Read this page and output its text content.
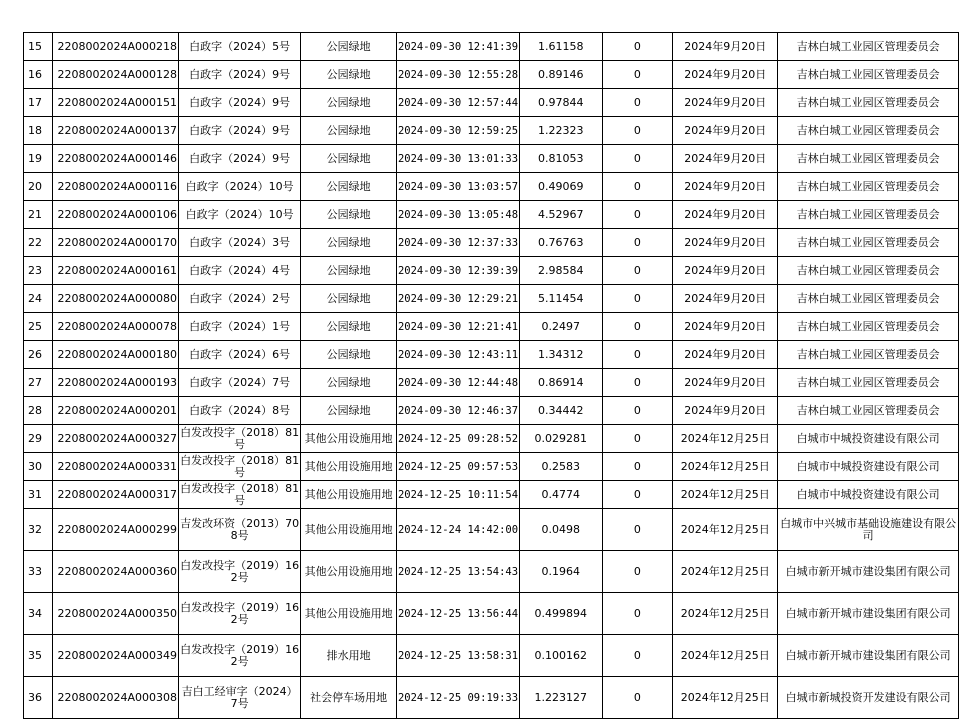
15	2208002024A000218	白政字（2024）5号	公园绿地	2024-09-30 12:41:39	1.61158	0	2024年9月20日	吉林白城工业园区管理委员会
16	2208002024A000128	白政字（2024）9号	公园绿地	2024-09-30 12:55:28	0.89146	0	2024年9月20日	吉林白城工业园区管理委员会
17	2208002024A000151	白政字（2024）9号	公园绿地	2024-09-30 12:57:44	0.97844	0	2024年9月20日	吉林白城工业园区管理委员会
18	2208002024A000137	白政字（2024）9号	公园绿地	2024-09-30 12:59:25	1.22323	0	2024年9月20日	吉林白城工业园区管理委员会
19	2208002024A000146	白政字（2024）9号	公园绿地	2024-09-30 13:01:33	0.81053	0	2024年9月20日	吉林白城工业园区管理委员会
20	2208002024A000116	白政字（2024）10号	公园绿地	2024-09-30 13:03:57	0.49069	0	2024年9月20日	吉林白城工业园区管理委员会
21	2208002024A000106	白政字（2024）10号	公园绿地	2024-09-30 13:05:48	4.52967	0	2024年9月20日	吉林白城工业园区管理委员会
22	2208002024A000170	白政字（2024）3号	公园绿地	2024-09-30 12:37:33	0.76763	0	2024年9月20日	吉林白城工业园区管理委员会
23	2208002024A000161	白政字（2024）4号	公园绿地	2024-09-30 12:39:39	2.98584	0	2024年9月20日	吉林白城工业园区管理委员会
24	2208002024A000080	白政字（2024）2号	公园绿地	2024-09-30 12:29:21	5.11454	0	2024年9月20日	吉林白城工业园区管理委员会
25	2208002024A000078	白政字（2024）1号	公园绿地	2024-09-30 12:21:41	0.2497	0	2024年9月20日	吉林白城工业园区管理委员会
26	2208002024A000180	白政字（2024）6号	公园绿地	2024-09-30 12:43:11	1.34312	0	2024年9月20日	吉林白城工业园区管理委员会
27	2208002024A000193	白政字（2024）7号	公园绿地	2024-09-30 12:44:48	0.86914	0	2024年9月20日	吉林白城工业园区管理委员会
28	2208002024A000201	白政字（2024）8号	公园绿地	2024-09-30 12:46:37	0.34442	0	2024年9月20日	吉林白城工业园区管理委员会
29	2208002024A000327	白发改投字（2018）81号	其他公用设施用地	2024-12-25 09:28:52	0.029281	0	2024年12月25日	白城市中城投资建设有限公司
30	2208002024A000331	白发改投字（2018）81号	其他公用设施用地	2024-12-25 09:57:53	0.2583	0	2024年12月25日	白城市中城投资建设有限公司
31	2208002024A000317	白发改投字（2018）81号	其他公用设施用地	2024-12-25 10:11:54	0.4774	0	2024年12月25日	白城市中城投资建设有限公司
32	2208002024A000299	吉发改环资（2013）708号	其他公用设施用地	2024-12-24 14:42:00	0.0498	0	2024年12月25日	白城市中兴城市基础设施建设有限公司
33	2208002024A000360	白发改投字（2019）162号	其他公用设施用地	2024-12-25 13:54:43	0.1964	0	2024年12月25日	白城市新开城市建设集团有限公司
34	2208002024A000350	白发改投字（2019）162号	其他公用设施用地	2024-12-25 13:56:44	0.499894	0	2024年12月25日	白城市新开城市建设集团有限公司
35	2208002024A000349	白发改投字（2019）162号	排水用地	2024-12-25 13:58:31	0.100162	0	2024年12月25日	白城市新开城市建设集团有限公司
36	2208002024A000308	吉白工经审字（2024）7号	社会停车场用地	2024-12-25 09:19:33	1.223127	0	2024年12月25日	白城市新城投资开发建设有限公司
